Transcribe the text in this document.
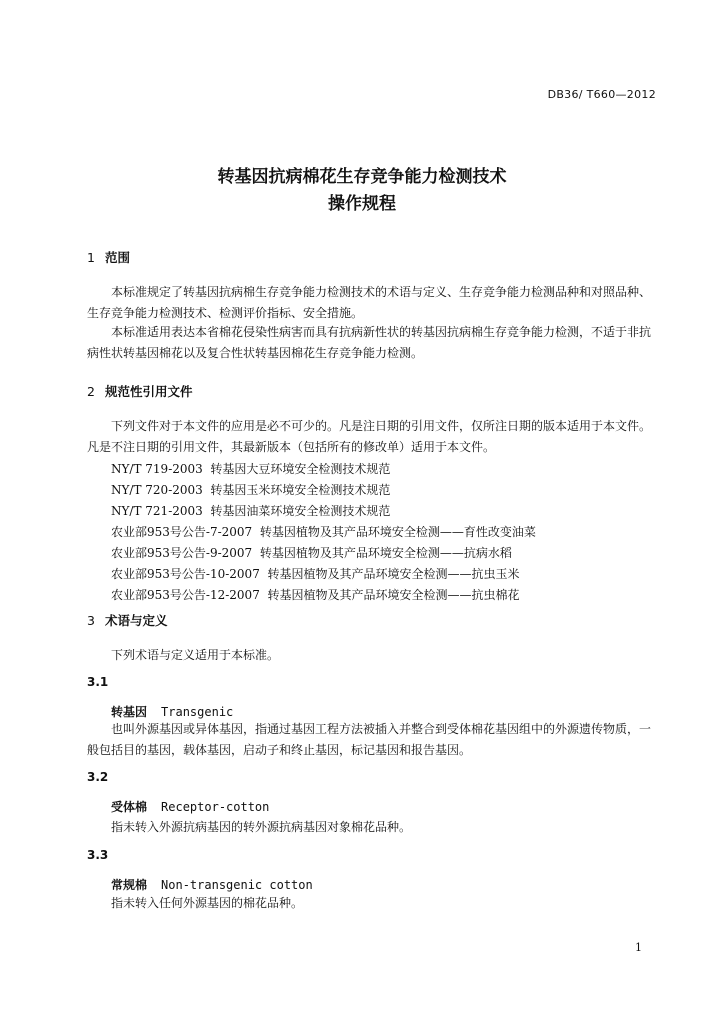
DB36/ T660—2012
转基因抗病棉花生存竞争能力检测技术
操作规程
1 范围

本标准规定了转基因抗病棉生存竞争能力检测技术的术语与定义、生存竞争能力检测品种和对照品种、生存竞争能力检测技术、检测评价指标、安全措施。

本标准适用表达本省棉花侵染性病害而具有抗病新性状的转基因抗病棉生存竞争能力检测，不适于非抗病性状转基因棉花以及复合性状转基因棉花生存竞争能力检测。

2 规范性引用文件

下列文件对于本文件的应用是必不可少的。凡是注日期的引用文件，仅所注日期的版本适用于本文件。凡是不注日期的引用文件，其最新版本（包括所有的修改单）适用于本文件。

NY/T 719-2003  转基因大豆环境安全检测技术规范
NY/T 720-2003  转基因玉米环境安全检测技术规范
NY/T 721-2003  转基因油菜环境安全检测技术规范
农业部953号公告-7-2007  转基因植物及其产品环境安全检测——育性改变油菜
农业部953号公告-9-2007  转基因植物及其产品环境安全检测——抗病水稻
农业部953号公告-10-2007  转基因植物及其产品环境安全检测——抗虫玉米
农业部953号公告-12-2007  转基因植物及其产品环境安全检测——抗虫棉花
3 术语与定义
下列术语与定义适用于本标准。
3.1
转基因 Transgenic

也叫外源基因或异体基因，指通过基因工程方法被插入并整合到受体棉花基因组中的外源遗传物质，一般包括目的基因，载体基因，启动子和终止基因，标记基因和报告基因。

3.2
受体棉 Receptor-cotton
指未转入外源抗病基因的转外源抗病基因对象棉花品种。
3.3
常规棉 Non-transgenic cotton
指未转入任何外源基因的棉花品种。
1
